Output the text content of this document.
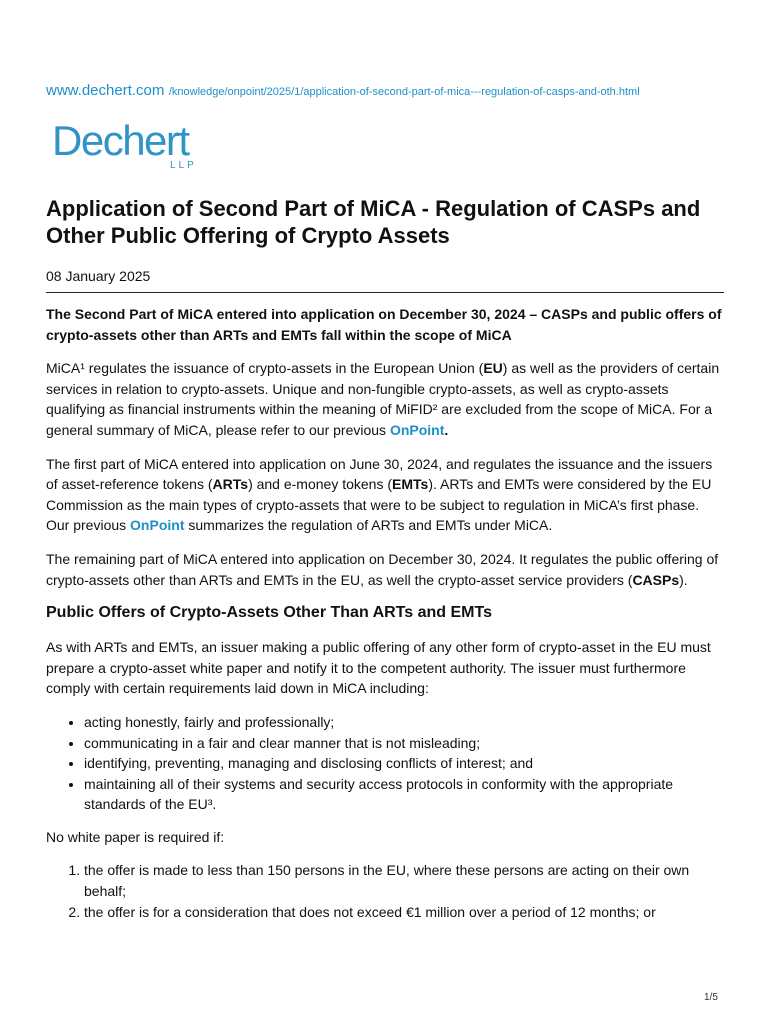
www.dechert.com /knowledge/onpoint/2025/1/application-of-second-part-of-mica---regulation-of-casps-and-oth.html
Dechert
LLP
Application of Second Part of MiCA - Regulation of CASPs and Other Public Offering of Crypto Assets
08 January 2025

The Second Part of MiCA entered into application on December 30, 2024 – CASPs and public offers of crypto-assets other than ARTs and EMTs fall within the scope of MiCA

MiCA¹ regulates the issuance of crypto-assets in the European Union (EU) as well as the providers of certain services in relation to crypto-assets. Unique and non-fungible crypto-assets, as well as crypto-assets qualifying as financial instruments within the meaning of MiFID² are excluded from the scope of MiCA. For a general summary of MiCA, please refer to our previous OnPoint.

The first part of MiCA entered into application on June 30, 2024, and regulates the issuance and the issuers of asset-reference tokens (ARTs) and e-money tokens (EMTs). ARTs and EMTs were considered by the EU Commission as the main types of crypto-assets that were to be subject to regulation in MiCA’s first phase. Our previous OnPoint summarizes the regulation of ARTs and EMTs under MiCA.

The remaining part of MiCA entered into application on December 30, 2024. It regulates the public offering of crypto-assets other than ARTs and EMTs in the EU, as well the crypto-asset service providers (CASPs).

Public Offers of Crypto-Assets Other Than ARTs and EMTs

As with ARTs and EMTs, an issuer making a public offering of any other form of crypto-asset in the EU must prepare a crypto-asset white paper and notify it to the competent authority. The issuer must furthermore comply with certain requirements laid down in MiCA including:

• acting honestly, fairly and professionally;
• communicating in a fair and clear manner that is not misleading;
• identifying, preventing, managing and disclosing conflicts of interest; and
• maintaining all of their systems and security access protocols in conformity with the appropriate standards of the EU³.

No white paper is required if:

1. the offer is made to less than 150 persons in the EU, where these persons are acting on their own behalf;
2. the offer is for a consideration that does not exceed €1 million over a period of 12 months; or
1/5
